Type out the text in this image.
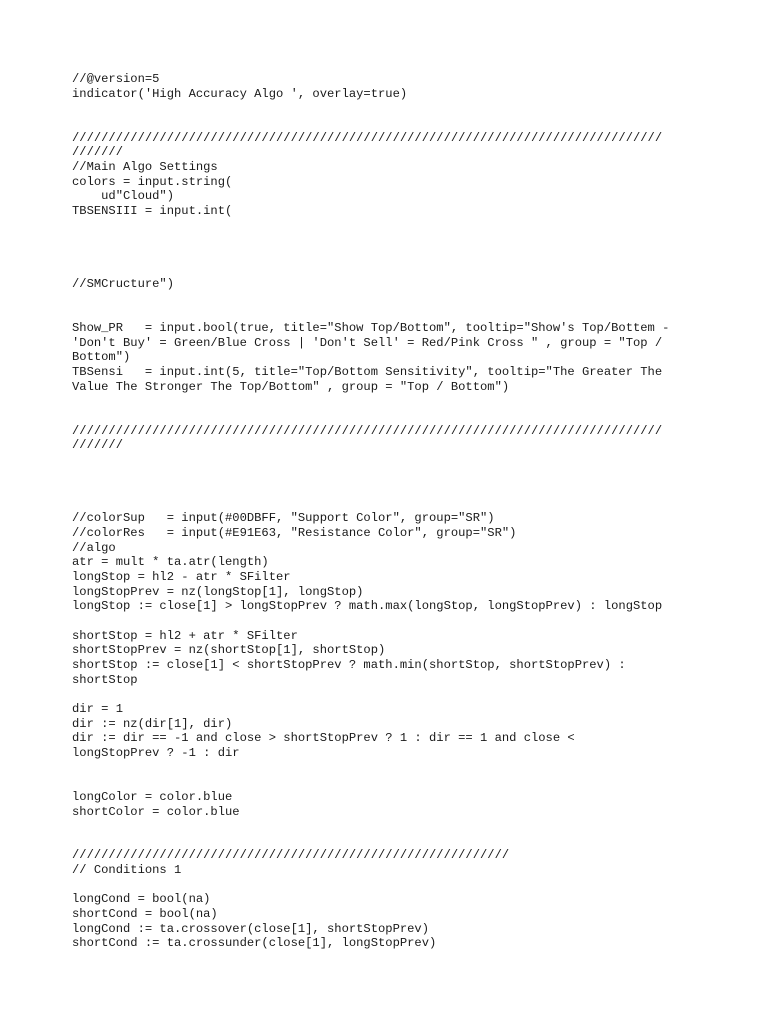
//@version=5
indicator('High Accuracy Algo ', overlay=true)
/////////////////////////////////////////////////////////////////////////////////
///////
//Main Algo Settings
colors = input.string(
ud"Cloud")
TBSENSIII = input.int(
//SMCructure")
Show_PR   = input.bool(true, title="Show Top/Bottom", tooltip="Show's Top/Bottem -
'Don't Buy' = Green/Blue Cross | 'Don't Sell' = Red/Pink Cross " , group = "Top /
Bottom")
TBSensi   = input.int(5, title="Top/Bottom Sensitivity", tooltip="The Greater The
Value The Stronger The Top/Bottom" , group = "Top / Bottom")
/////////////////////////////////////////////////////////////////////////////////
///////
//colorSup   = input(#00DBFF, "Support Color", group="SR")
//colorRes   = input(#E91E63, "Resistance Color", group="SR")
//algo
atr = mult * ta.atr(length)
longStop = hl2 - atr * SFilter
longStopPrev = nz(longStop[1], longStop)
longStop := close[1] > longStopPrev ? math.max(longStop, longStopPrev) : longStop
shortStop = hl2 + atr * SFilter
shortStopPrev = nz(shortStop[1], shortStop)
shortStop := close[1] < shortStopPrev ? math.min(shortStop, shortStopPrev) :
shortStop
dir = 1
dir := nz(dir[1], dir)
dir := dir == -1 and close > shortStopPrev ? 1 : dir == 1 and close <
longStopPrev ? -1 : dir
longColor = color.blue
shortColor = color.blue
////////////////////////////////////////////////////////////
// Conditions 1
longCond = bool(na)
shortCond = bool(na)
longCond := ta.crossover(close[1], shortStopPrev)
shortCond := ta.crossunder(close[1], longStopPrev)
